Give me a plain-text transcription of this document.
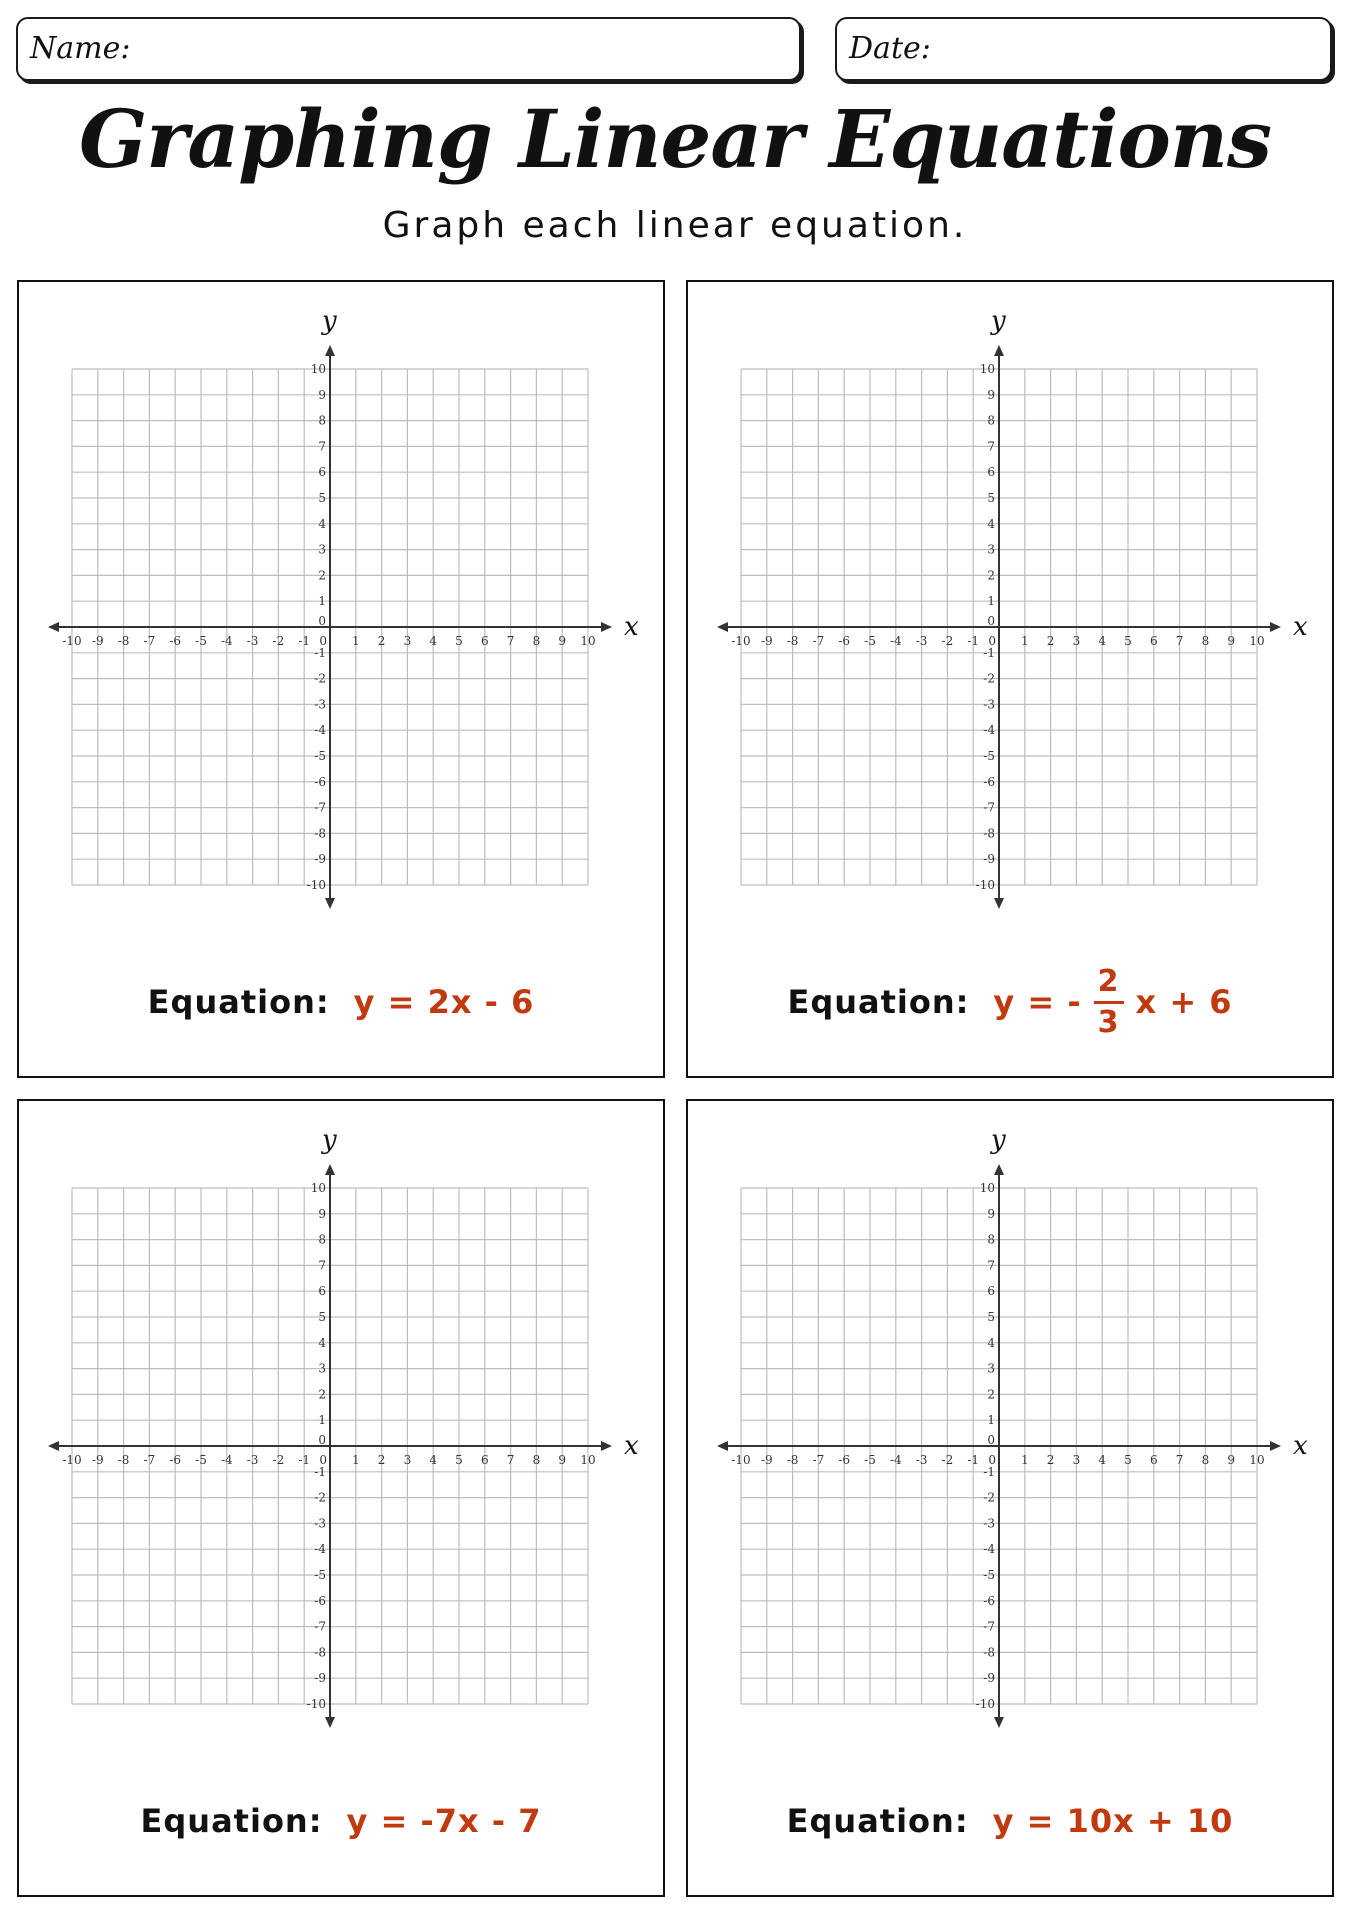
Name:	Date:
Graphing Linear Equations
Graph each linear equation.
x
y
-10 -9 -8 -7 -6 -5 -4 -3 -2 -1 0 1 2 3 4 5 6 7 8 9 10
10
9
8
7
6
5
4
3
2
1
-1
-2
-3
-4
-5
-6
-7
-8
-9
-10
0
Equation: y = 2x - 6
x
y
-10 -9 -8 -7 -6 -5 -4 -3 -2 -1 0 1 2 3 4 5 6 7 8 9 10
10
9
8
7
6
5
4
3
2
1
-1
-2
-3
-4
-5
-6
-7
-8
-9
-10
0
Equation: y = - $\frac{2}{3}$ x + 6
x
y
-10 -9 -8 -7 -6 -5 -4 -3 -2 -1 0 1 2 3 4 5 6 7 8 9 10
10
9
8
7
6
5
4
3
2
1
-1
-2
-3
-4
-5
-6
-7
-8
-9
-10
0
Equation: y = -7x - 7
x
y
-10 -9 -8 -7 -6 -5 -4 -3 -2 -1 0 1 2 3 4 5 6 7 8 9 10
10
9
8
7
6
5
4
3
2
1
-1
-2
-3
-4
-5
-6
-7
-8
-9
-10
0
Equation: y = 10x + 10
